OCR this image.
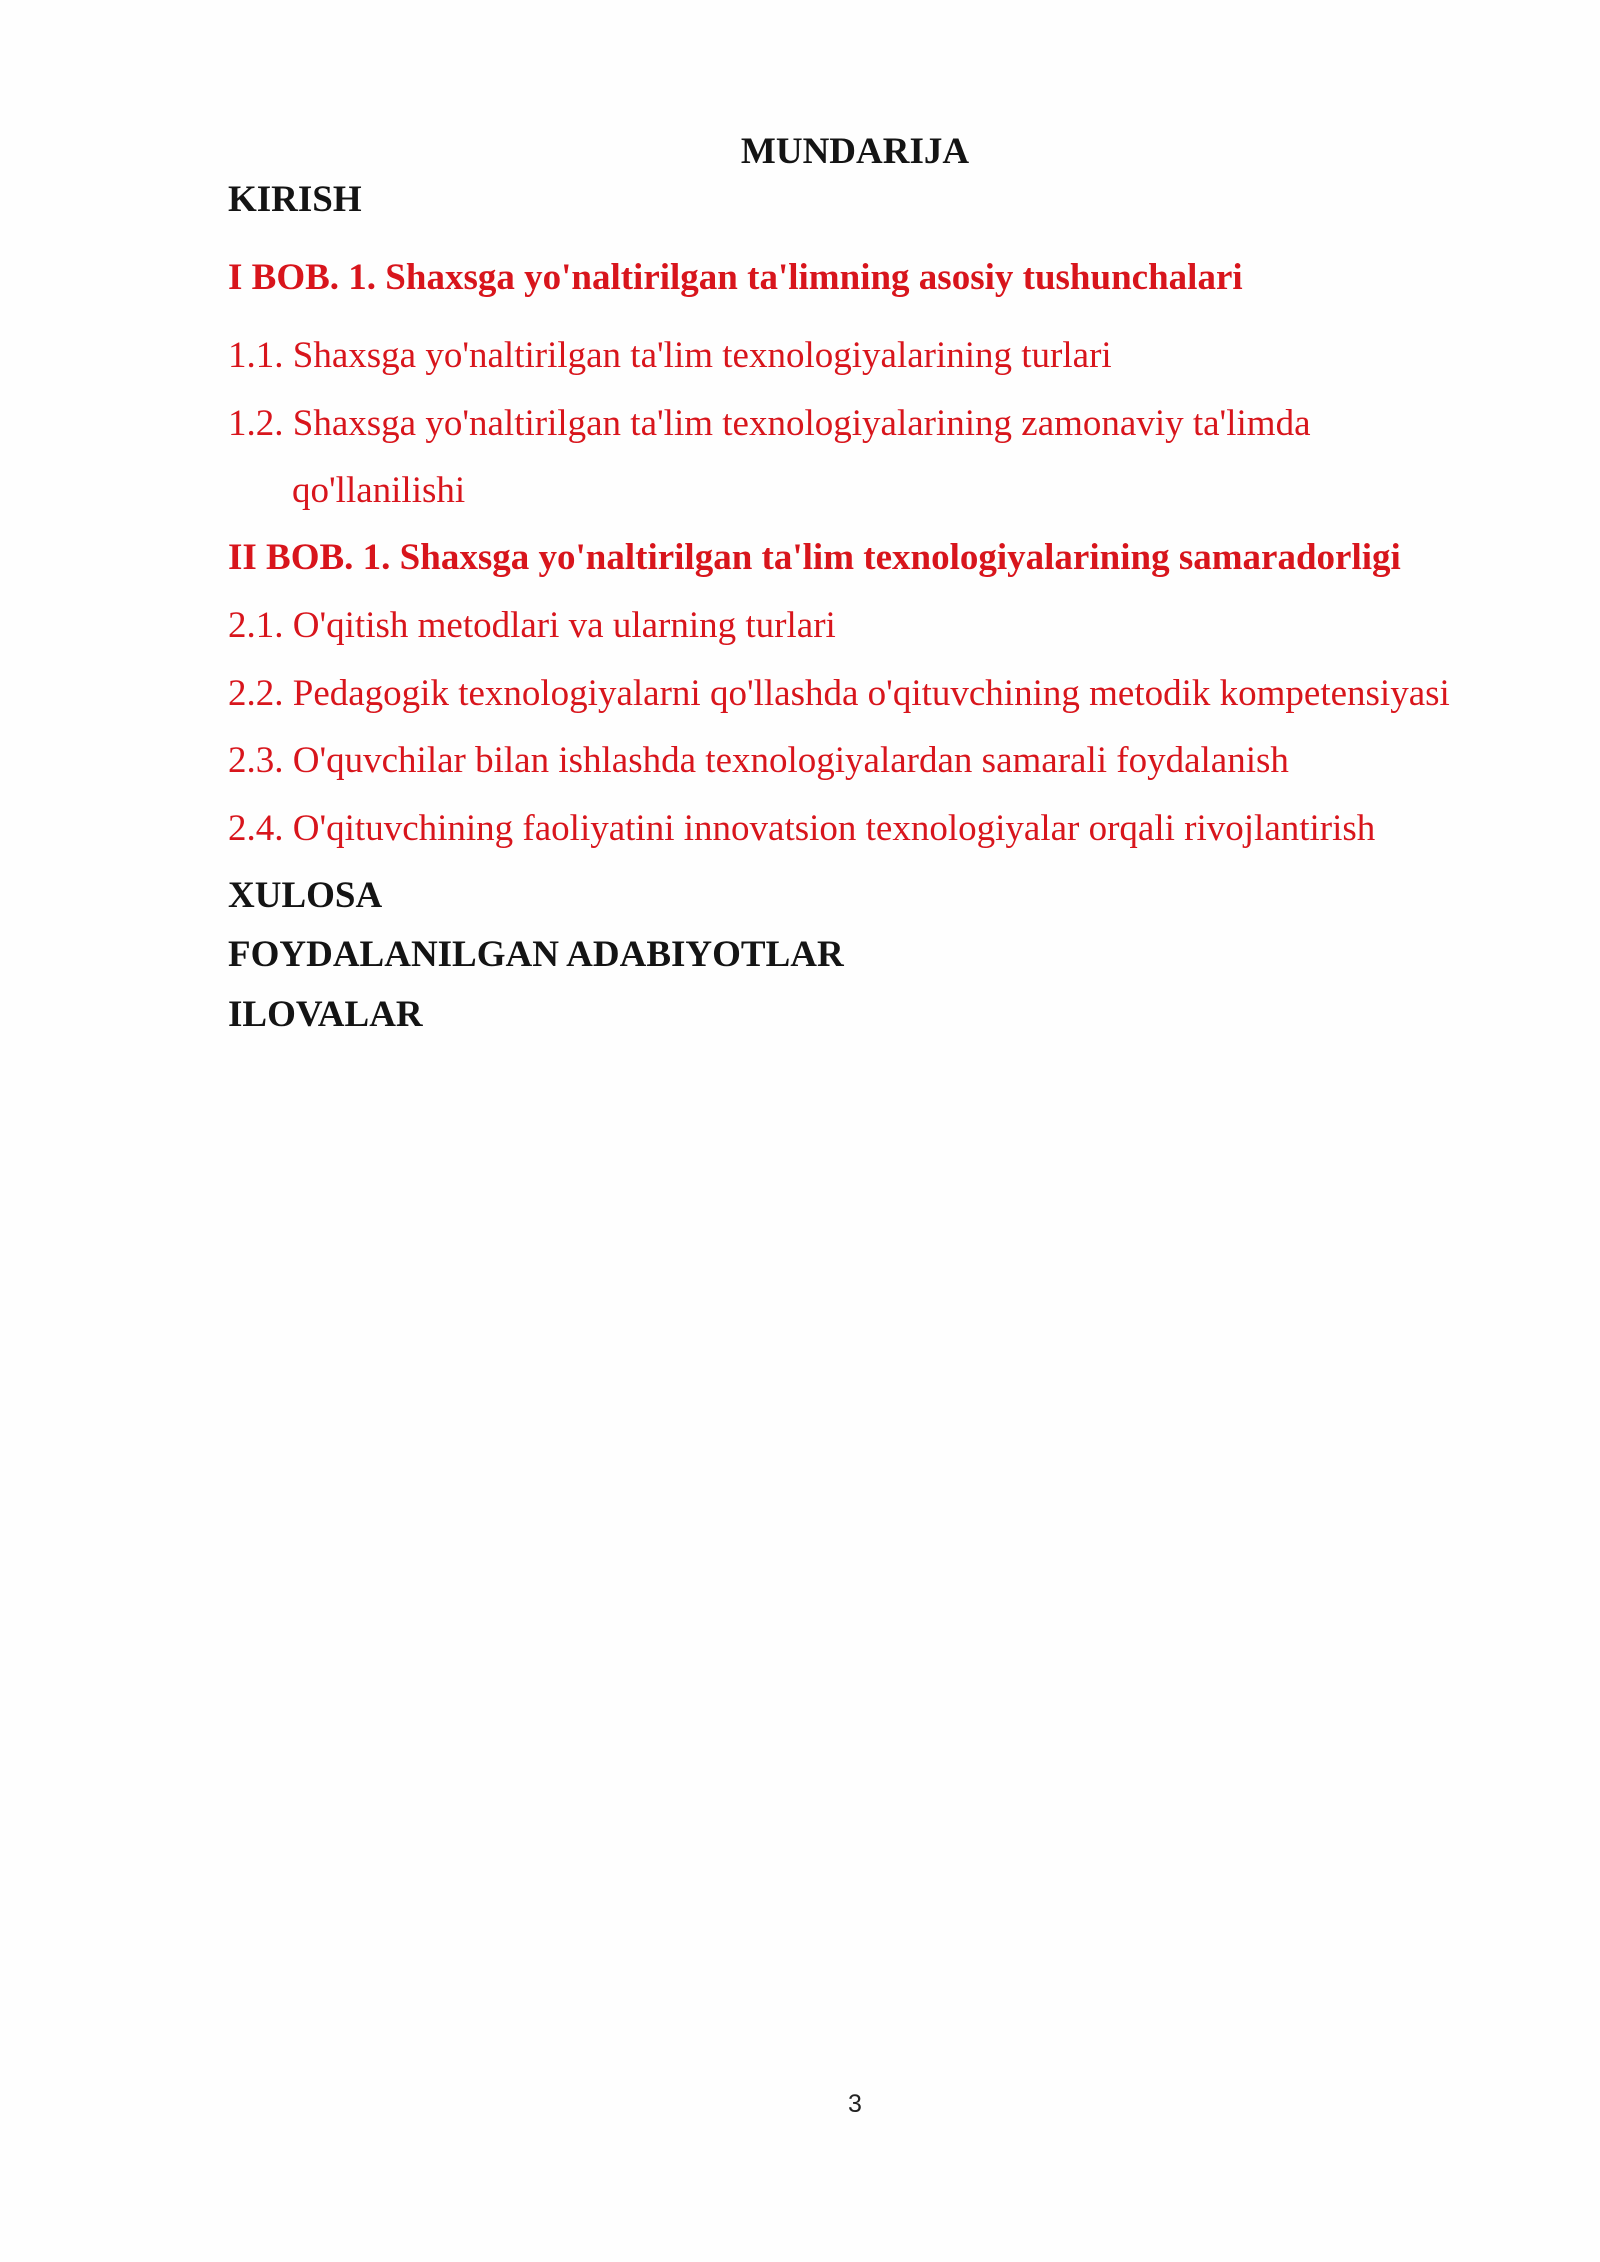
MUNDARIJA
KIRISH
I BOB. 1. Shaxsga yo'naltirilgan ta'limning asosiy tushunchalari
1.1. Shaxsga yo'naltirilgan ta'lim texnologiyalarining turlari
1.2. Shaxsga yo'naltirilgan ta'lim texnologiyalarining zamonaviy ta'limda
qo'llanilishi
II BOB. 1. Shaxsga yo'naltirilgan ta'lim texnologiyalarining samaradorligi
2.1. O'qitish metodlari va ularning turlari
2.2. Pedagogik texnologiyalarni qo'llashda o'qituvchining metodik kompetensiyasi
2.3. O'quvchilar bilan ishlashda texnologiyalardan samarali foydalanish
2.4. O'qituvchining faoliyatini innovatsion texnologiyalar orqali rivojlantirish
XULOSA
FOYDALANILGAN ADABIYOTLAR
ILOVALAR
3
